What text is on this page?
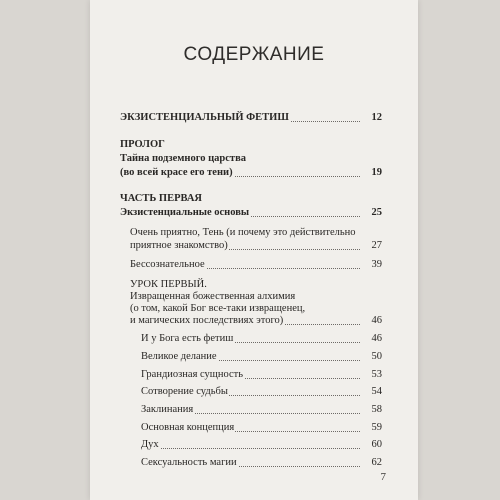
СОДЕРЖАНИЕ
ЭКЗИСТЕНЦИАЛЬНЫЙ ФЕТИШ	12
ПРОЛОГ
Тайна подземного царства
(во всей красе его тени)	19
ЧАСТЬ ПЕРВАЯ
Экзистенциальные основы	25
Очень приятно, Тень (и почему это действительно
приятное знакомство)	27
Бессознательное	39
УРОК ПЕРВЫЙ.
Извращенная божественная алхимия
(о том, какой Бог все-таки извращенец,
и магических последствиях этого)	46
И у Бога есть фетиш	46
Великое делание	50
Грандиозная сущность	53
Сотворение судьбы	54
Заклинания	58
Основная концепция	59
Дух	60
Сексуальность магии	62
7
